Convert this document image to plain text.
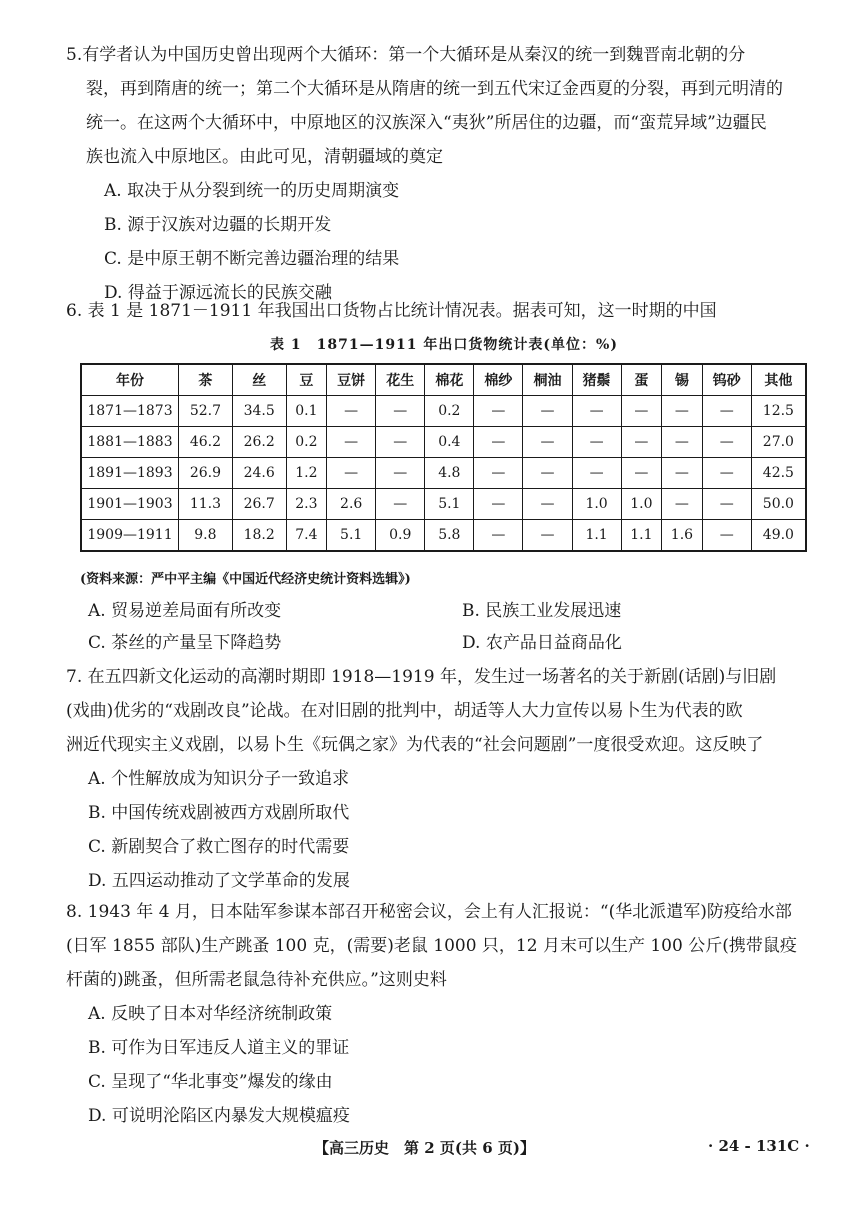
5.有学者认为中国历史曾出现两个大循环：第一个大循环是从秦汉的统一到魏晋南北朝的分

裂，再到隋唐的统一；第二个大循环是从隋唐的统一到五代宋辽金西夏的分裂，再到元明清的

统一。在这两个大循环中，中原地区的汉族深入“夷狄”所居住的边疆，而“蛮荒异域”边疆民

族也流入中原地区。由此可见，清朝疆域的奠定

A. 取决于从分裂到统一的历史周期演变

B. 源于汉族对边疆的长期开发

C. 是中原王朝不断完善边疆治理的结果

D. 得益于源远流长的民族交融

6. 表 1 是 1871－1911 年我国出口货物占比统计情况表。据表可知，这一时期的中国

表 1　1871—1911 年出口货物统计表(单位：%)
年份	茶	丝	豆	豆饼	花生	棉花	棉纱	桐油	猪鬃	蛋	锡	钨砂	其他
1871—1873	52.7	34.5	0.1	—	—	0.2	—	—	—	—	—	—	12.5
1881—1883	46.2	26.2	0.2	—	—	0.4	—	—	—	—	—	—	27.0
1891—1893	26.9	24.6	1.2	—	—	4.8	—	—	—	—	—	—	42.5
1901—1903	11.3	26.7	2.3	2.6	—	5.1	—	—	1.0	1.0	—	—	50.0
1909—1911	9.8	18.2	7.4	5.1	0.9	5.8	—	—	1.1	1.1	1.6	—	49.0
(资料来源：严中平主编《中国近代经济史统计资料选辑》)
A. 贸易逆差局面有所改变	B. 民族工业发展迅速
C. 茶丝的产量呈下降趋势	D. 农产品日益商品化

7. 在五四新文化运动的高潮时期即 1918—1919 年，发生过一场著名的关于新剧(话剧)与旧剧

(戏曲)优劣的“戏剧改良”论战。在对旧剧的批判中，胡适等人大力宣传以易卜生为代表的欧

洲近代现实主义戏剧，以易卜生《玩偶之家》为代表的“社会问题剧”一度很受欢迎。这反映了

A. 个性解放成为知识分子一致追求

B. 中国传统戏剧被西方戏剧所取代

C. 新剧契合了救亡图存的时代需要

D. 五四运动推动了文学革命的发展

8. 1943 年 4 月，日本陆军参谋本部召开秘密会议，会上有人汇报说：“(华北派遣军)防疫给水部

(日军 1855 部队)生产跳蚤 100 克，(需要)老鼠 1000 只，12 月末可以生产 100 公斤(携带鼠疫

杆菌的)跳蚤，但所需老鼠急待补充供应。”这则史料

A. 反映了日本对华经济统制政策

B. 可作为日军违反人道主义的罪证

C. 呈现了“华北事变”爆发的缘由

D. 可说明沦陷区内暴发大规模瘟疫

【高三历史　第 2 页(共 6 页)】	· 24 - 131C ·
